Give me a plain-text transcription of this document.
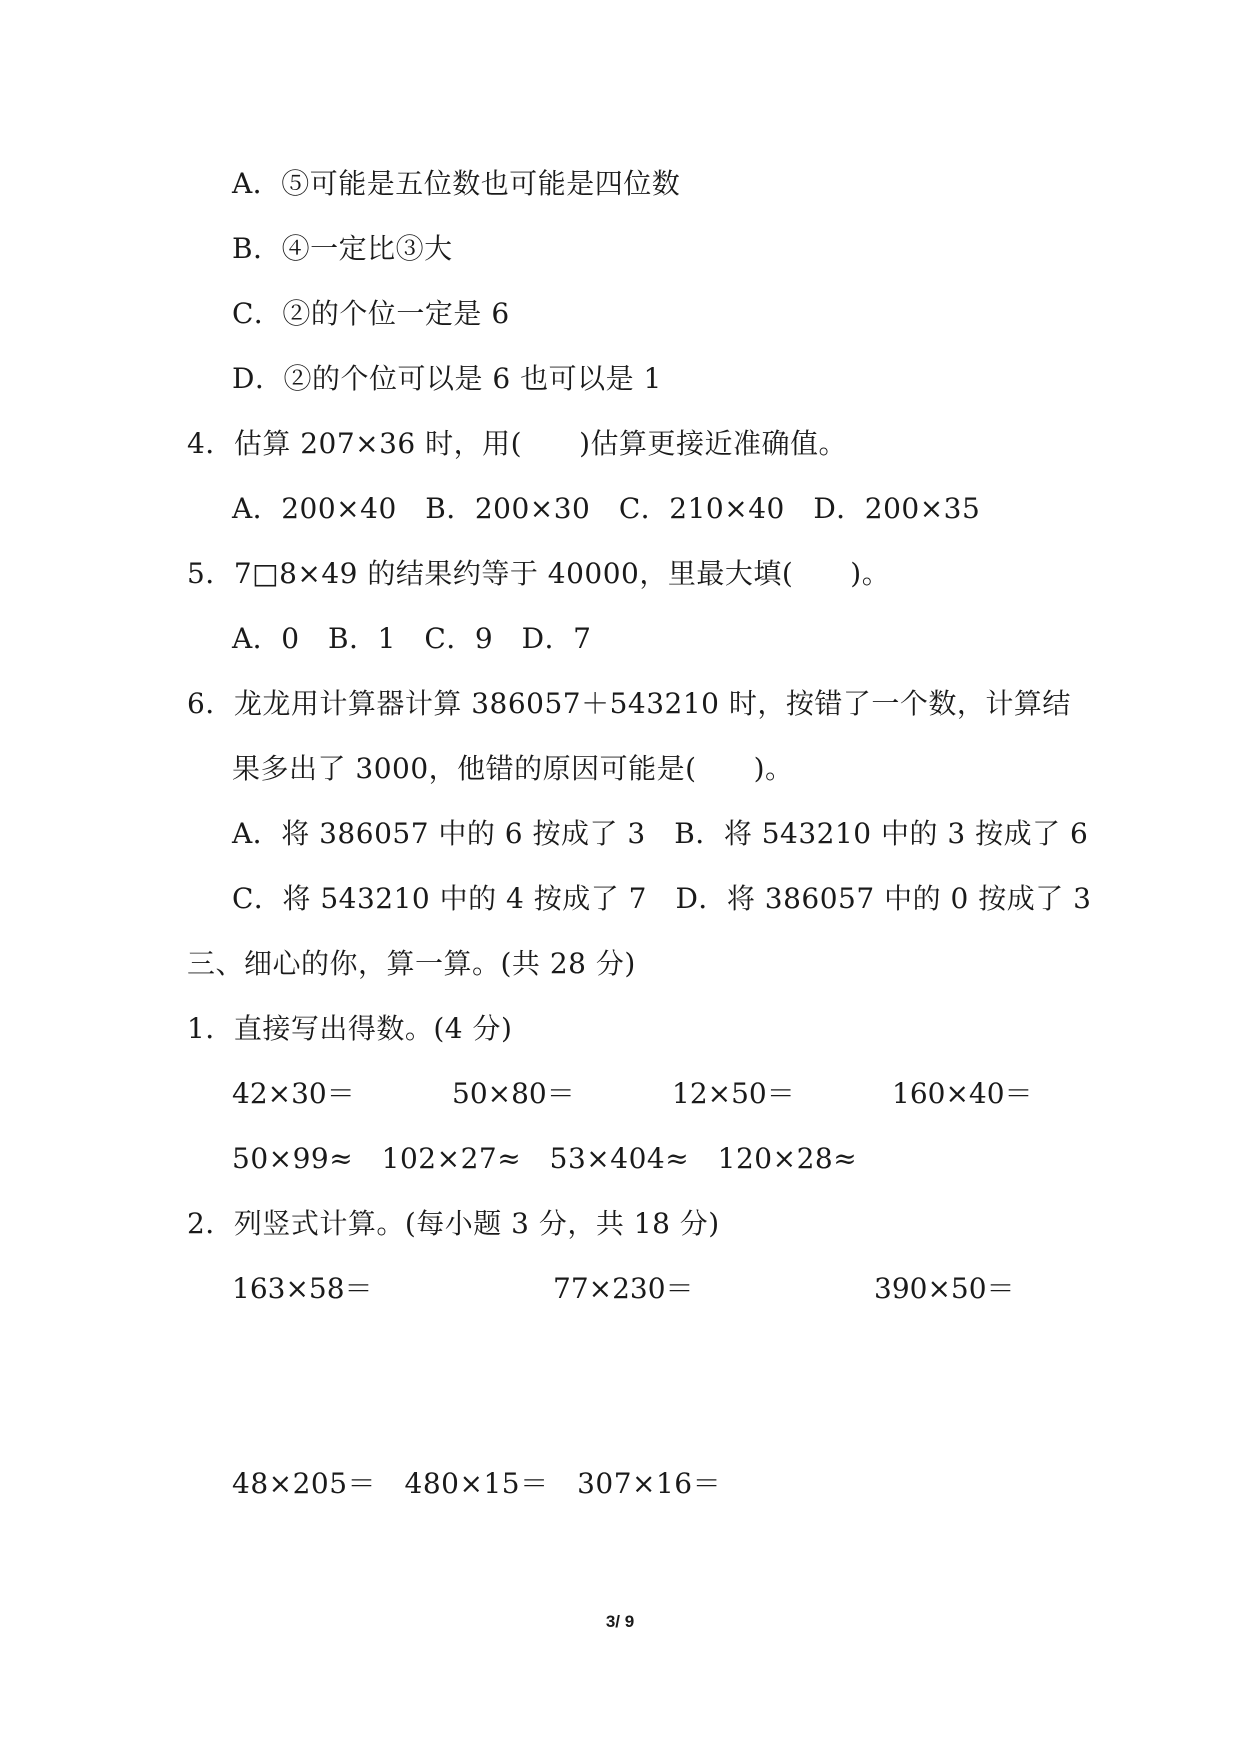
A．⑤可能是五位数也可能是四位数
B．④一定比③大
C．②的个位一定是 6
D．②的个位可以是 6 也可以是 1
4．估算 207×36 时，用(　　)估算更接近准确值。
A．200×40　B．200×30　C．210×40　D．200×35
5．7□8×49 的结果约等于 40000，里最大填(　　)。
A．0　B．1　C．9　D．7
6．龙龙用计算器计算 386057＋543210 时，按错了一个数，计算结
果多出了 3000，他错的原因可能是(　　)。
A．将 386057 中的 6 按成了 3　B．将 543210 中的 3 按成了 6
C．将 543210 中的 4 按成了 7　D．将 386057 中的 0 按成了 3
三、细心的你，算一算。(共 28 分)
1．直接写出得数。(4 分)
42×30＝	50×80＝	12×50＝	160×40＝
50×99≈　102×27≈　53×404≈　120×28≈
2．列竖式计算。(每小题 3 分，共 18 分)
163×58＝	77×230＝	390×50＝
48×205＝　480×15＝　307×16＝
3/ 9
